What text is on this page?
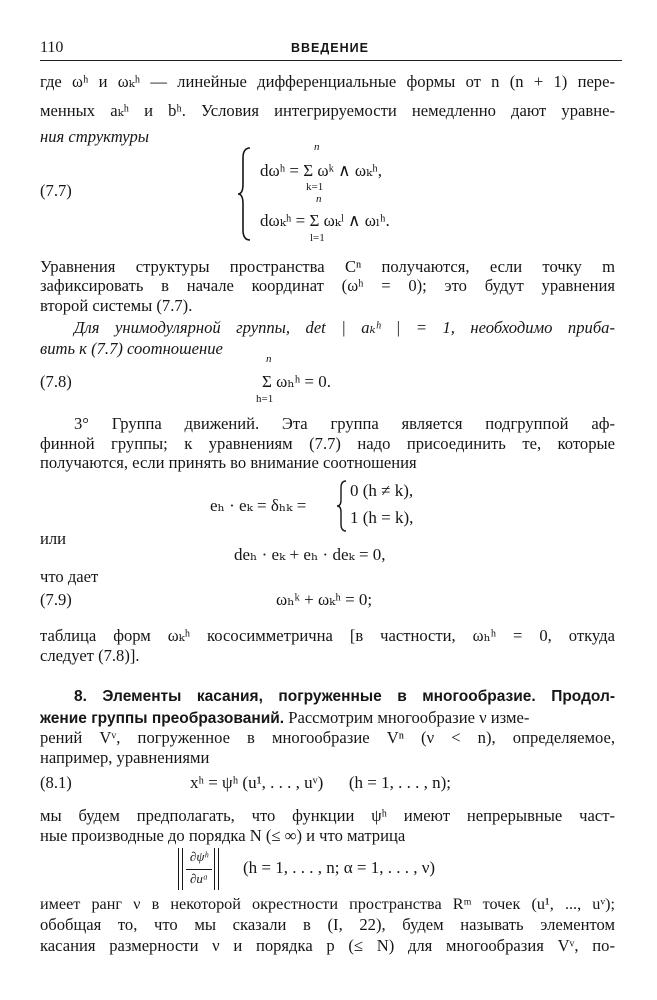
110	ВВЕДЕНИЕ
где ωʰ и ωₖʰ — линейные дифференциальные формы от n (n + 1) пере-
менных aₖʰ и bʰ. Условия интегрируемости немедленно дают уравне-
ния структуры
(7.7)
dωʰ = Σ ωᵏ ∧ ωₖʰ,
n
k=1
dωₖʰ = Σ ωₖˡ ∧ ωₗʰ.
n
l=1
Уравнения структуры пространства Cⁿ получаются, если точку m
зафиксировать в начале координат (ωʰ = 0); это будут уравнения
второй системы (7.7).
Для унимодулярной группы, det | aₖʰ | = 1, необходимо приба-
вить к (7.7) соотношение
(7.8)	Σ ωₕʰ = 0.
n
h=1
3° Группа движений. Эта группа является подгруппой аф-
финной группы; к уравнениям (7.7) надо присоединить те, которые
получаются, если принять во внимание соотношения
eₕ · eₖ = δₕₖ =
0 (h ≠ k),
1 (h = k),
или
deₕ · eₖ + eₕ · deₖ = 0,
что дает
(7.9)	ωₕᵏ + ωₖʰ = 0;
таблица форм ωₖʰ кососимметрична [в частности, ωₕʰ = 0, откуда
следует (7.8)].
8. Элементы касания, погруженные в многообразие. Продол-
жение группы преобразований. Рассмотрим многообразие ν изме-
рений Vᵛ, погруженное в многообразие Vⁿ (ν < n), определяемое,
например, уравнениями
(8.1)	xʰ = ψʰ (u¹, . . . , uᵛ)      (h = 1, . . . , n);
мы будем предполагать, что функции ψʰ имеют непрерывные част-
ные производные до порядка N (≤ ∞) и что матрица
∂ψʰ
∂uᵅ
(h = 1, . . . , n; α = 1, . . . , ν)
имеет ранг ν в некоторой окрестности пространства Rᵐ точек (u¹, ..., uᵛ);
обобщая то, что мы сказали в (I, 22), будем называть элементом
касания размерности ν и порядка p (≤ N) для многообразия Vᵛ, по-
